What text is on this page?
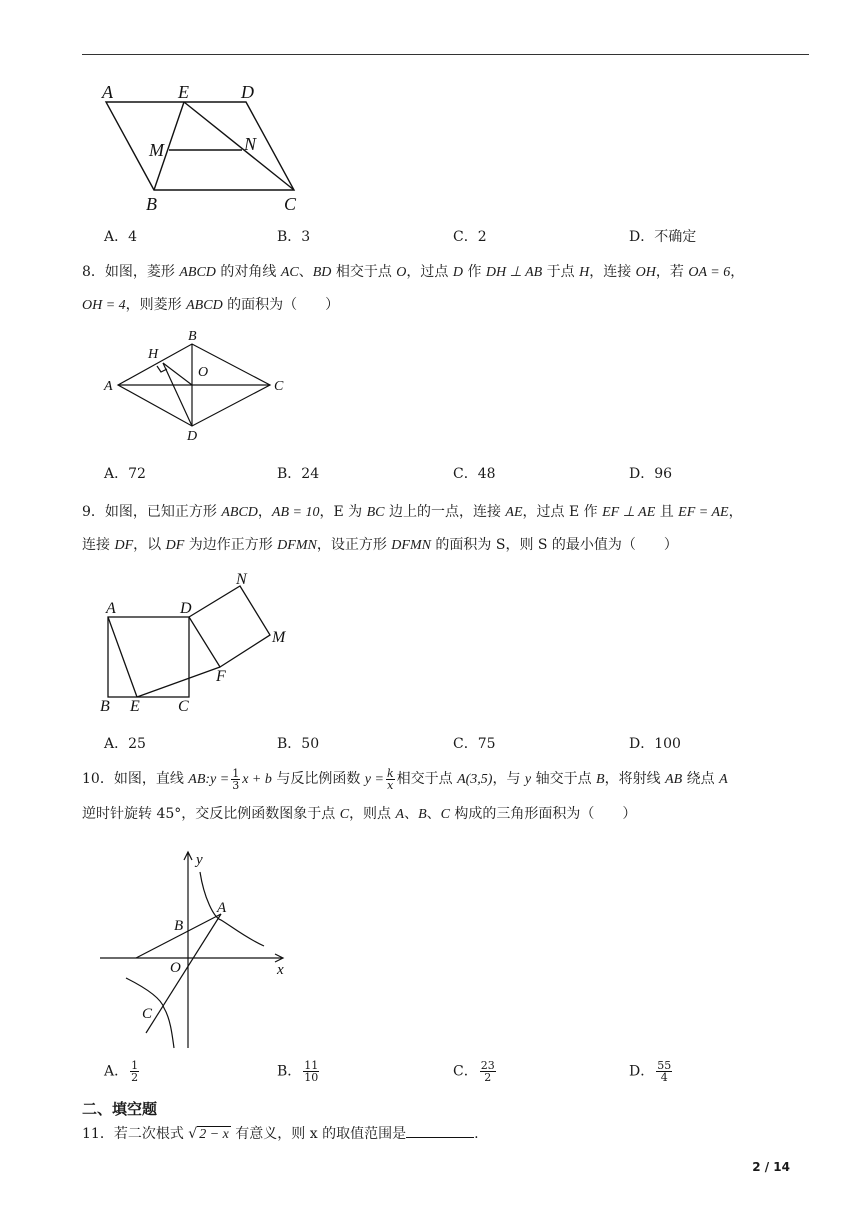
A	E	D
M	N
B	C
A．4	B．3	C．2	D．不确定
8．如图，菱形 ABCD 的对角线 AC、BD 相交于点 O，过点 D 作 DH ⊥ AB 于点 H，连接 OH，若 OA = 6，
OH = 4，则菱形 ABCD 的面积为（　　）
A
B
C
D
H
O
A．72	B．24	C．48	D．96
9．如图，已知正方形 ABCD，AB = 10，E 为 BC 边上的一点，连接 AE，过点 E 作 EF ⊥ AE 且 EF = AE，
连接 DF，以 DF 为边作正方形 DFMN，设正方形 DFMN 的面积为 S，则 S 的最小值为（　　）
A	D
N
M
F
B E C
A．25	B．50	C．75	D．100
10．如图，直线 AB:y = $\frac{1}{3}$ x + b 与反比例函数 $y = \frac{k}{x}$ 相交于点 A(3,5)，与 y 轴交于点 B，将射线 AB 绕点 A
逆时针旋转 45°，交反比例函数图象于点 C，则点 A、B、C 构成的三角形面积为（　　）
y
x
O
A
B
C
A． $\frac{1}{2}$	B． $\frac{11}{10}$	C． $\frac{23}{2}$	D． $\frac{55}{4}$
二、填空题
11．若二次根式 √ 2 − x 有意义，则 x 的取值范围是	.
2 / 14
